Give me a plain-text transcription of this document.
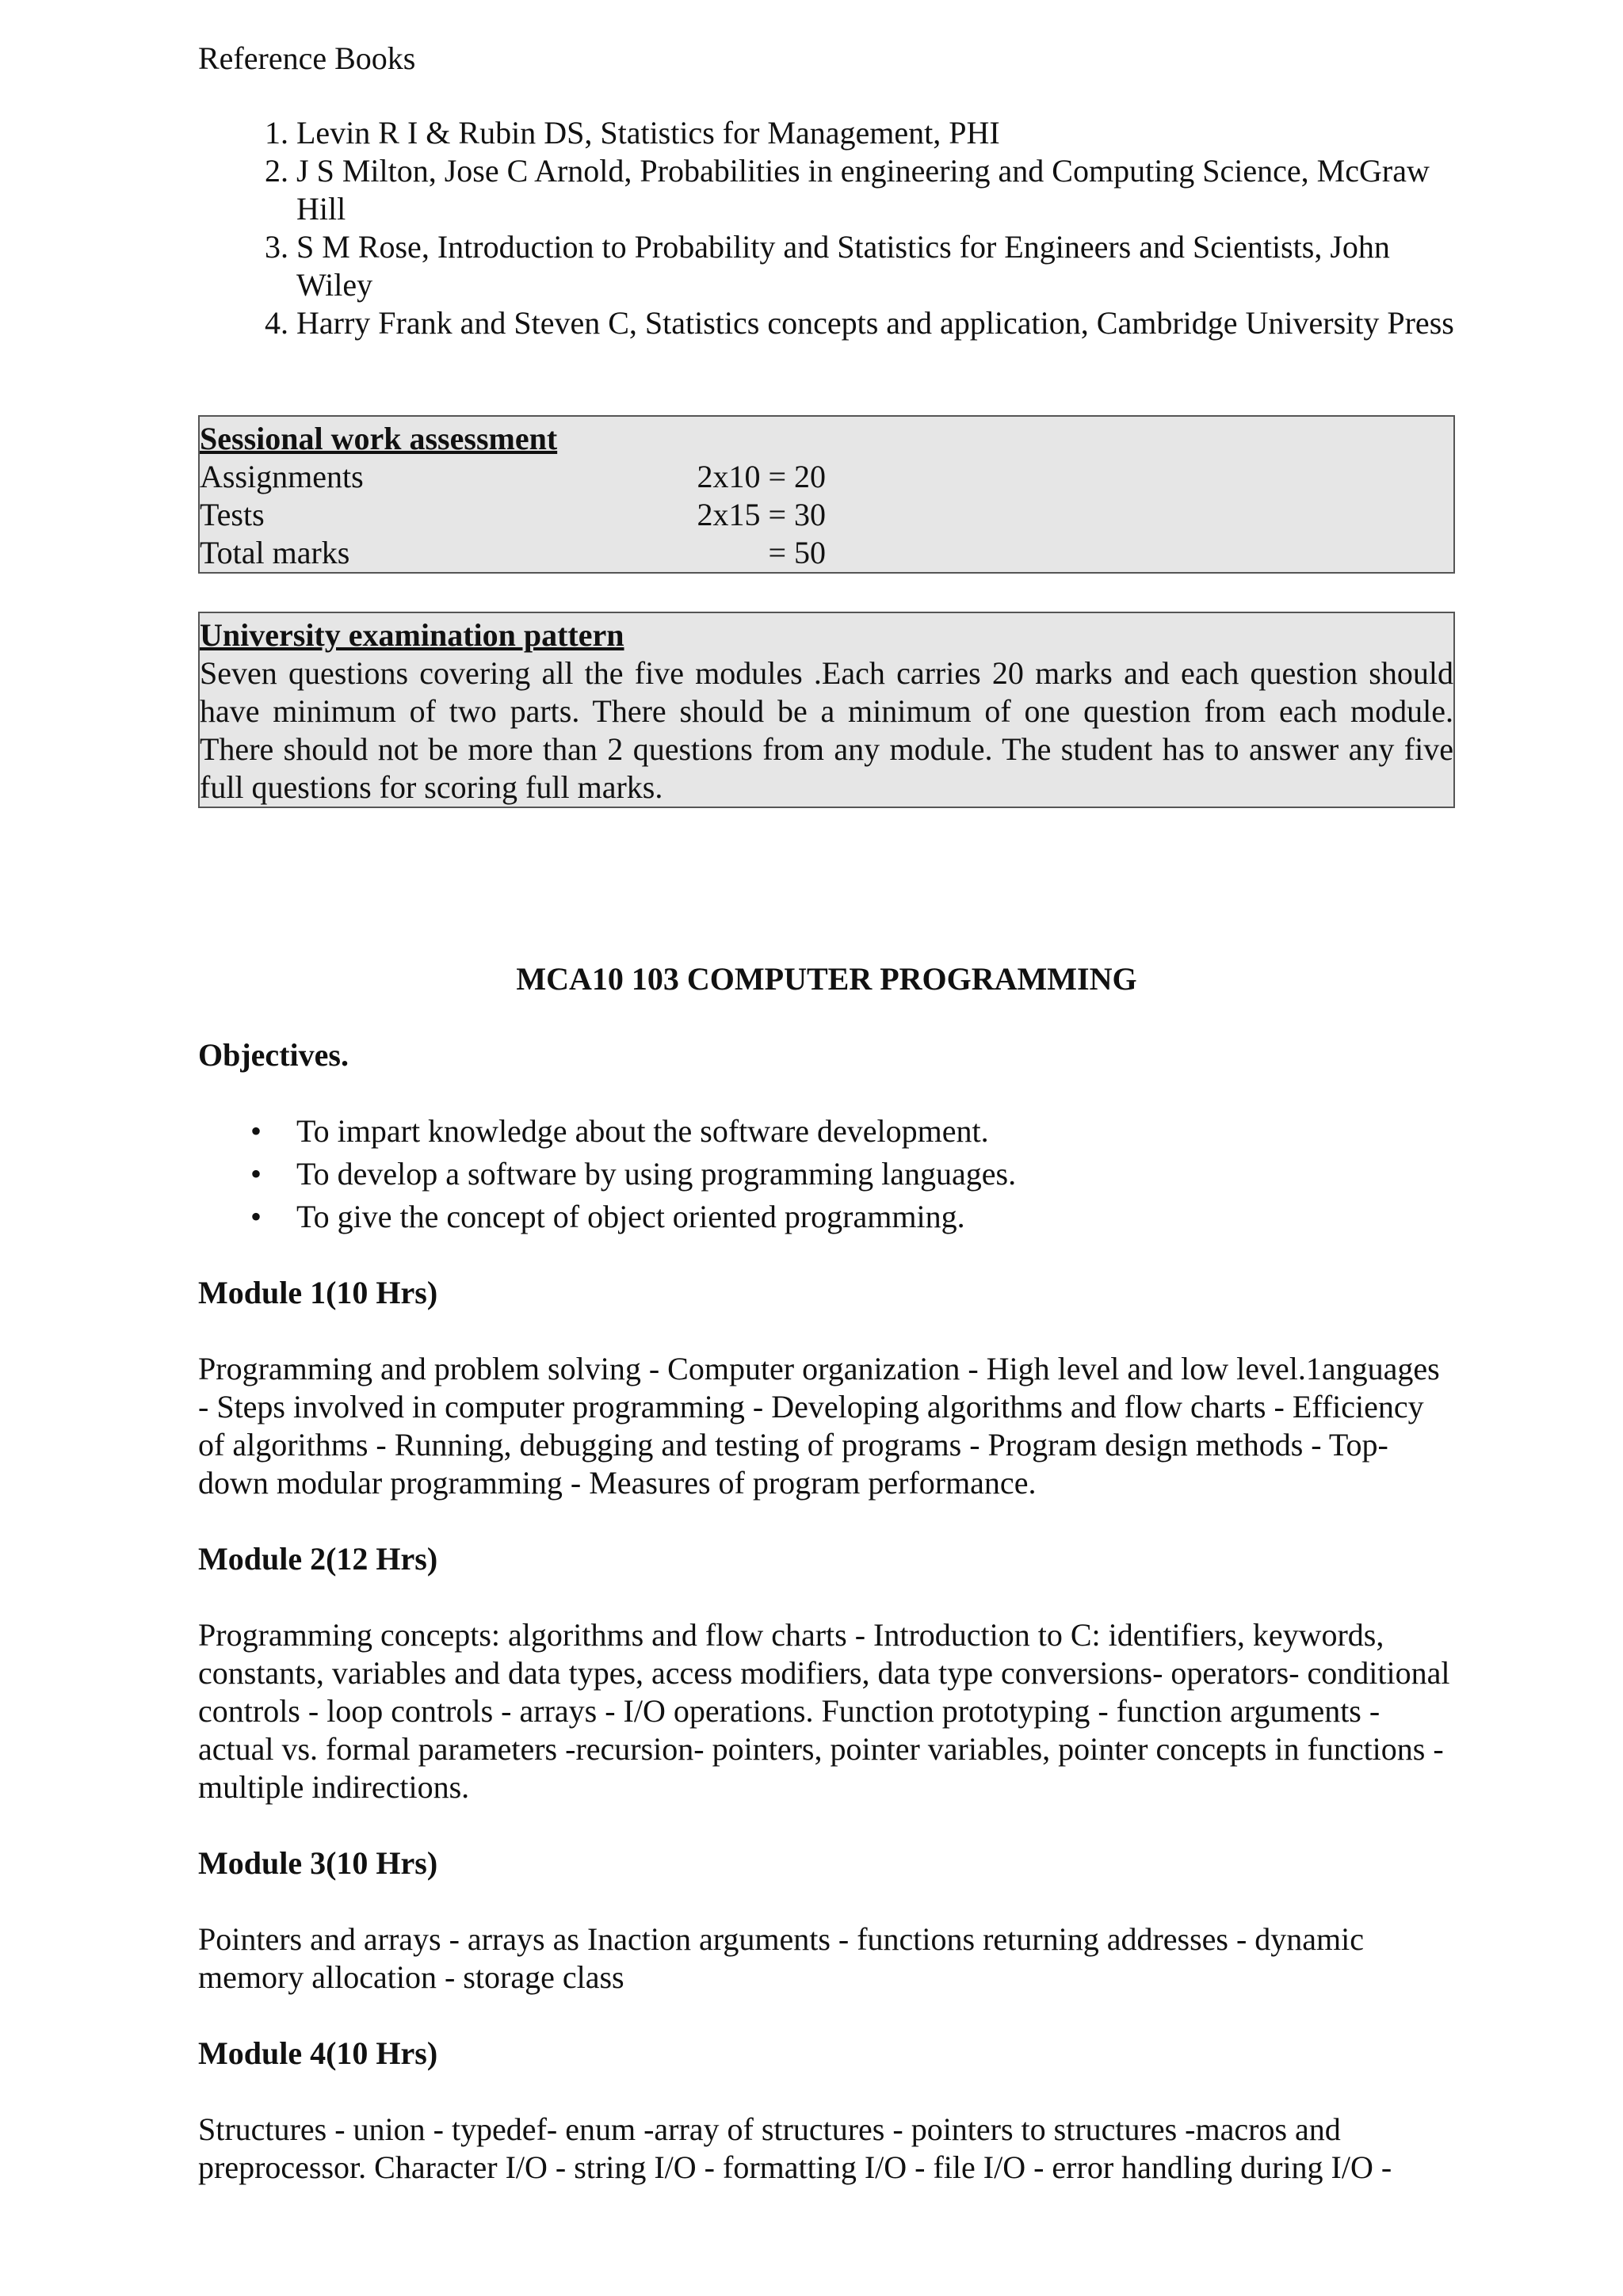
Reference Books
1. Levin R I & Rubin DS, Statistics for Management, PHI
2. J S Milton, Jose C Arnold, Probabilities in engineering and Computing Science, McGraw Hill
3. S M Rose, Introduction to Probability and Statistics for Engineers and Scientists, John Wiley
4. Harry Frank and Steven C, Statistics concepts and application, Cambridge University Press
Sessional work assessment
Assignments	2x10 = 20
Tests	2x15 = 30
Total marks	= 50
University examination pattern
Seven questions covering all the five modules .Each carries 20 marks and each question should have minimum of two parts. There should be a minimum of one question from each module. There should not be more than 2 questions from any module. The student has to answer any five full questions for scoring full marks.
MCA10 103 COMPUTER PROGRAMMING
Objectives.
• To impart knowledge about the software development.
• To develop a software by using programming languages.
• To give the concept of object oriented programming.
Module 1(10 Hrs)

Programming and problem solving - Computer organization - High level and low level.1anguages - Steps involved in computer programming - Developing algorithms and flow charts - Efficiency of algorithms - Running, debugging and testing of programs - Program design methods - Top-down modular programming - Measures of program performance.

Module 2(12 Hrs)

Programming concepts: algorithms and flow charts - Introduction to C: identifiers, keywords, constants, variables and data types, access modifiers, data type conversions- operators- conditional controls - loop controls - arrays - I/O operations. Function prototyping - function arguments - actual vs. formal parameters -recursion- pointers, pointer variables, pointer concepts in functions - multiple indirections.

Module 3(10 Hrs)

Pointers and arrays - arrays as Inaction arguments - functions returning addresses - dynamic memory allocation - storage class

Module 4(10 Hrs)

Structures - union - typedef- enum -array of structures - pointers to structures -macros and preprocessor. Character I/O - string I/O - formatting I/O - file I/O - error handling during I/O -
